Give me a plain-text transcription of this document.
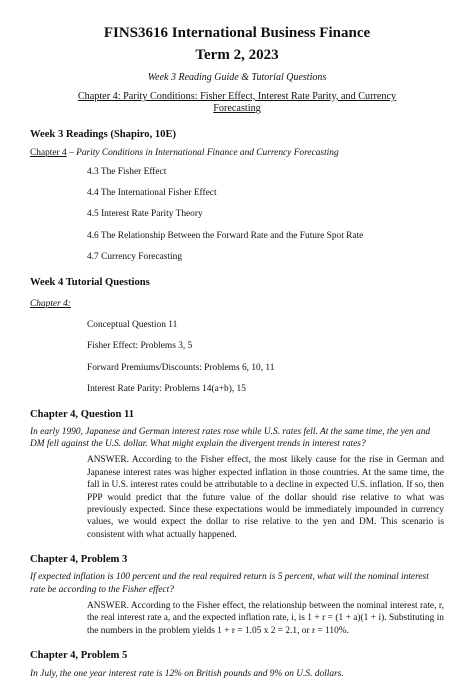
FINS3616 International Business Finance

Term 2, 2023

Week 3 Reading Guide & Tutorial Questions

Chapter 4: Parity Conditions: Fisher Effect, Interest Rate Parity, and Currency
Forecasting

Week 3 Readings (Shapiro, 10E)

Chapter 4 – Parity Conditions in International Finance and Currency Forecasting

4.3 The Fisher Effect
4.4 The International Fisher Effect
4.5 Interest Rate Parity Theory
4.6 The Relationship Between the Forward Rate and the Future Spot Rate
4.7 Currency Forecasting
Week 4 Tutorial Questions

Chapter 4:

Conceptual Question 11
Fisher Effect: Problems 3, 5
Forward Premiums/Discounts: Problems 6, 10, 11
Interest Rate Parity: Problems 14(a+b), 15
Chapter 4, Question 11

In early 1990, Japanese and German interest rates rose while U.S. rates fell. At the same time, the yen and DM fell against the U.S. dollar. What might explain the divergent trends in interest rates?

ANSWER. According to the Fisher effect, the most likely cause for the rise in German and Japanese interest rates was higher expected inflation in those countries. At the same time, the fall in U.S. interest rates could be attributable to a decline in expected U.S. inflation. If so, then PPP would predict that the future value of the dollar should rise relative to what was previously expected. Since these expectations would be immediately impounded in currency values, we would expect the dollar to rise relative to the yen and DM. This scenario is consistent with what actually happened.

Chapter 4, Problem 3

If expected inflation is 100 percent and the real required return is 5 percent, what will the nominal interest rate be according to the Fisher effect?

ANSWER. According to the Fisher effect, the relationship between the nominal interest rate, r, the real interest rate a, and the expected inflation rate, i, is 1 + r = (1 + a)(1 + i). Substituting in the numbers in the problem yields 1 + r = 1.05 x 2 = 2.1, or r = 110%.

Chapter 4, Problem 5

In July, the one year interest rate is 12% on British pounds and 9% on U.S. dollars.
